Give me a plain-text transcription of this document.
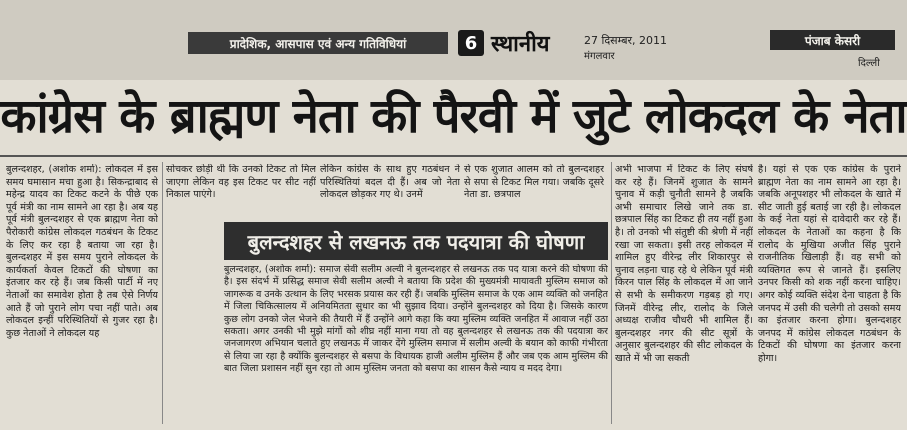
प्रादेशिक, आसपास एवं अन्य गतिविधियां	6 स्थानीय	27 दिसम्बर, 2011
मंगलवार
पंजाब केसरी
दिल्ली
कांग्रेस के ब्राह्मण नेता की पैरवी में जुटे लोकदल के नेता
बुलन्दशहर, (अशोक शर्मा): लोकदल में इस समय घमासान मचा हुआ है। सिकन्द्राबाद से महेन्द्र यादव का टिकट कटने के पीछे एक पूर्व मंत्री का नाम सामने आ रहा है। अब यह पूर्व मंत्री बुलन्दशहर से एक ब्राह्मण नेता को पैरोकारी कांग्रेस लोकदल गठबंधन के टिकट के लिए कर रहा है बताया जा रहा है। बुलन्दशहर में इस समय पुराने लोकदल के कार्यकर्ता केवल टिकटों की घोषणा का इंतजार कर रहे हैं। जब किसी पार्टी में नए नेताओं का समावेश होता है तब ऐसे निर्णय आते हैं जो पुराने लोग पचा नहीं पाते। अब लोकदल इन्हीं परिस्थितियों से गुजर रहा है। कुछ नेताओं ने लोकदल यह
सोचकर छोड़ी थी कि उनको टिकट तो मिल जाएगा लेकिन वह इस टिकट पर सीट नहीं निकाल पाएंगे।
लेकिन कांग्रेस के साथ हुए गठबंधन ने परिस्थितियां बदल दी हैं। अब जो नेता लोकदल छोड़कर गए थे। उनमें
से एक शुजात आलम को तो बुलन्दशहर से सपा से टिकट मिल गया। जबकि दूसरे नेता डा. छत्रपाल
अभी भाजपा में टिकट के लिए संघर्ष कर रहे हैं। जिनमें शुजात के सामने चुनाव में कड़ी चुनौती सामने है जबकि अभी समाचार लिखे जाने तक डा. छत्रपाल सिंह का टिकट ही तय नहीं हुआ है। तो उनको भी संतुष्टी की श्रेणी में नहीं रखा जा सकता। इसी तरह लोकदल में शामिल हुए वीरेन्द्र लीर शिकारपुर से चुनाव लड़ना चाह रहे थे लेकिन पूर्व मंत्री किरन पाल सिंह के लोकदल में आ जाने से सभी के समीकरण गड़बड़ हो गए। जिनमें वीरेन्द्र लीर, रालोद के जिले अध्यक्ष राजीव चौधरी भी शामिल हैं। बुलन्दशहर नगर की सीट सूत्रों के अनुसार बुलन्दशहर की सीट लोकदल के खाते में भी जा सकती
है। यहां से एक एक कांग्रेस के पुराने ब्राह्मण नेता का नाम सामने आ रहा है। जबकि अनूपशहर भी लोकदल के खाते में सीट जाती हुई बताई जा रही है। लोकदल के कई नेता यहां से दावेदारी कर रहे हैं। लोकदल के नेताओं का कहना है कि रालोद के मुखिया अजीत सिंह पुराने राजनीतिक खिलाड़ी हैं। वह सभी को व्यक्तिगत रूप से जानते हैं। इसलिए उनपर किसी को शक नहीं करना चाहिए। अगर कोई व्यक्ति संदेश देना चाहता है कि जनपद में उसी की चलेगी तो उसको समय का इंतजार करना होगा। बुलन्दशहर जनपद में कांग्रेस लोकदल गठबंधन के टिकटों की घोषणा का इंतजार करना होगा।
बुलन्दशहर से लखनऊ तक पदयात्रा की घोषणा
बुलन्दशहर, (अशोक शर्मा): समाज सेवी सलीम अल्वी ने बुलन्दशहर से लखनऊ तक पद यात्रा करने की घोषणा की है। इस संदर्भ में प्रसिद्ध समाज सेवी सलीम अल्वी ने बताया कि प्रदेश की मुख्यमंत्री मायावती मुस्लिम समाज को जागरूक व उनके उत्थान के लिए भरसक प्रयास कर रही हैं। जबकि मुस्लिम समाज के एक आम व्यक्ति को जनहित में जिला चिकित्सालय में अनियमितता सुधार का भी सुझाव दिया। उन्होंने बुलन्दशहर को दिया है। जिसके कारण कुछ लोग उनको जेल भेजने की तैयारी में हैं उन्होंने आगे कहा कि क्या मुस्लिम व्यक्ति जनहित में आवाज नहीं उठा सकता। अगर उनकी भी मुझे मांगों को शीघ्र नहीं माना गया तो वह बुलन्दशहर से लखनऊ तक की पदयात्रा कर जनजागरण अभियान चलाते हुए लखनऊ में जाकर देंगे मुस्लिम समाज में सलीम अल्वी के बयान को काफी गंभीरता से लिया जा रहा है क्योंकि बुलन्दशहर से बसपा के विधायक हाजी अलीम मुस्लिम हैं और जब एक आम मुस्लिम की बात जिला प्रशासन नहीं सुन रहा तो आम मुस्लिम जनता को बसपा का शासन कैसे न्याय व मदद देगा।
